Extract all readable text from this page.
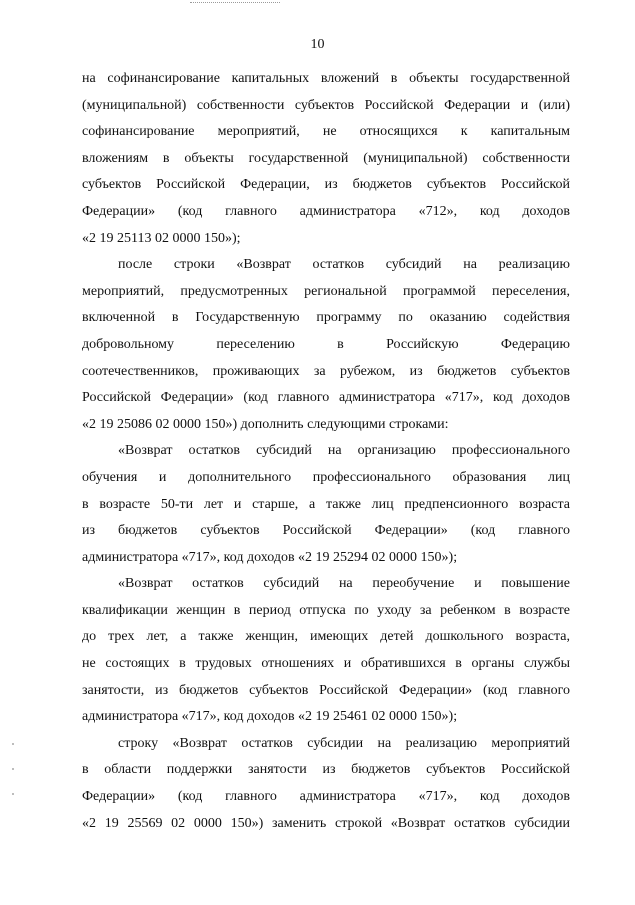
10
на софинансирование капитальных вложений в объекты государственной
(муниципальной) собственности субъектов Российской Федерации и (или)
софинансирование мероприятий, не относящихся к капитальным
вложениям в объекты государственной (муниципальной) собственности
субъектов Российской Федерации, из бюджетов субъектов Российской
Федерации» (код главного администратора «712», код доходов
«2 19 25113 02 0000 150»);
после строки «Возврат остатков субсидий на реализацию
мероприятий, предусмотренных региональной программой переселения,
включенной в Государственную программу по оказанию содействия
добровольному переселению в Российскую Федерацию
соотечественников, проживающих за рубежом, из бюджетов субъектов
Российской Федерации» (код главного администратора «717», код доходов
«2 19 25086 02 0000 150») дополнить следующими строками:
«Возврат остатков субсидий на организацию профессионального
обучения и дополнительного профессионального образования лиц
в возрасте 50-ти лет и старше, а также лиц предпенсионного возраста
из бюджетов субъектов Российской Федерации» (код главного
администратора «717», код доходов «2 19 25294 02 0000 150»);
«Возврат остатков субсидий на переобучение и повышение
квалификации женщин в период отпуска по уходу за ребенком в возрасте
до трех лет, а также женщин, имеющих детей дошкольного возраста,
не состоящих в трудовых отношениях и обратившихся в органы службы
занятости, из бюджетов субъектов Российской Федерации» (код главного
администратора «717», код доходов «2 19 25461 02 0000 150»);
строку «Возврат остатков субсидии на реализацию мероприятий
в области поддержки занятости из бюджетов субъектов Российской
Федерации» (код главного администратора «717», код доходов
«2 19 25569 02 0000 150») заменить строкой «Возврат остатков субсидии
